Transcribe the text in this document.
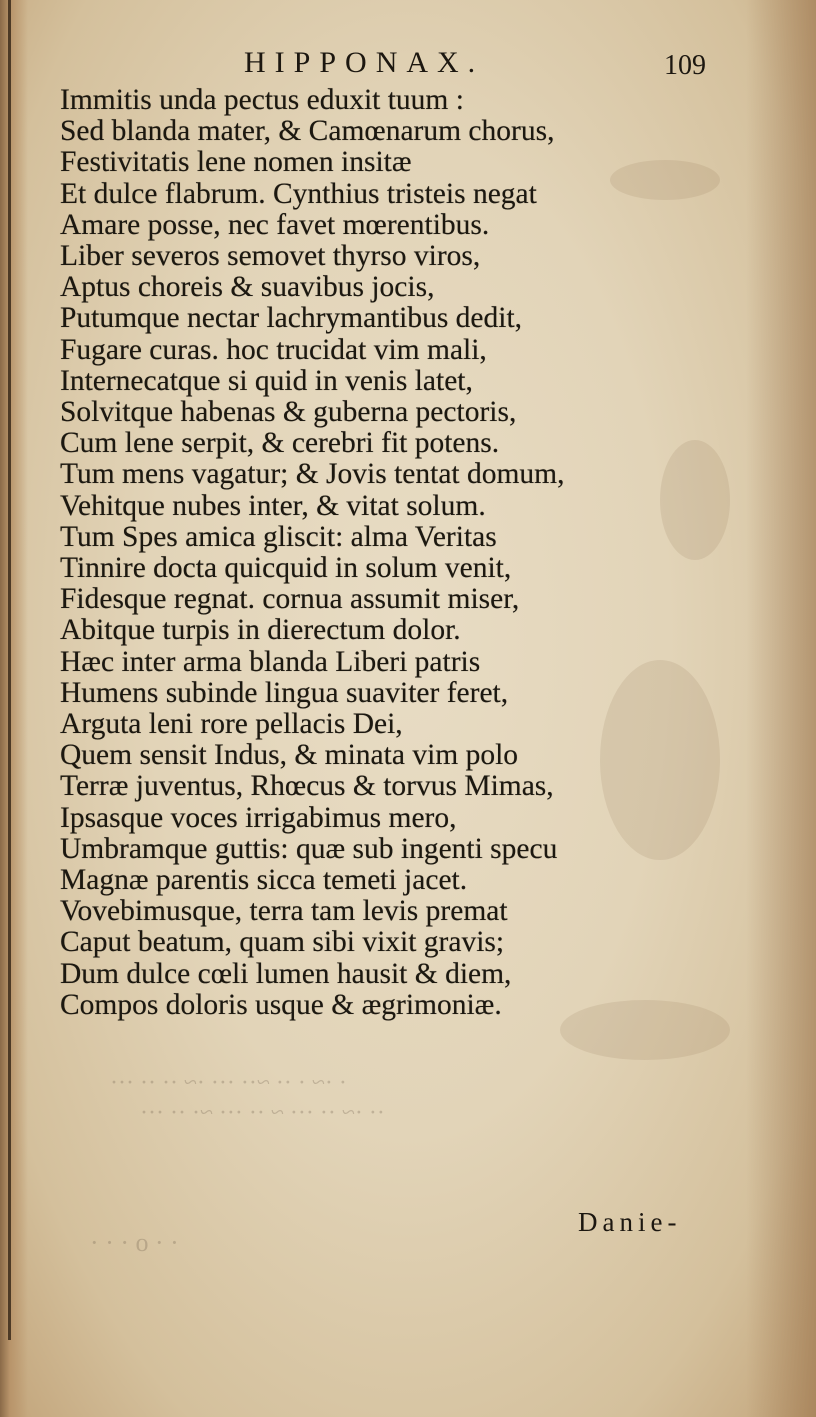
· ·~ · ·· ~·· ··· ·~ ·· ·· ···
·· ·~ ·· ··· ~ ·· ··· ~· ·· ···
· · o · · ·
HIPPONAX.	109
Immitis unda pectus eduxit tuum :
Sed blanda mater, & Camœnarum chorus,
Festivitatis lene nomen insitæ
Et dulce flabrum. Cynthius tristeis negat
Amare posse, nec favet mœrentibus.
Liber severos semovet thyrso viros,
Aptus choreis & suavibus jocis,
Putumque nectar lachrymantibus dedit,
Fugare curas. hoc trucidat vim mali,
Internecatque si quid in venis latet,
Solvitque habenas & guberna pectoris,
Cum lene serpit, & cerebri fit potens.
Tum mens vagatur; & Jovis tentat domum,
Vehitque nubes inter, & vitat solum.
Tum Spes amica gliscit: alma Veritas
Tinnire docta quicquid in solum venit,
Fidesque regnat. cornua assumit miser,
Abitque turpis in dierectum dolor.
Hæc inter arma blanda Liberi patris
Humens subinde lingua suaviter feret,
Arguta leni rore pellacis Dei,
Quem sensit Indus, & minata vim polo
Terræ juventus, Rhœcus & torvus Mimas,
Ipsasque voces irrigabimus mero,
Umbramque guttis: quæ sub ingenti specu
Magnæ parentis sicca temeti jacet.
Vovebimusque, terra tam levis premat
Caput beatum, quam sibi vixit gravis;
Dum dulce cœli lumen hausit & diem,
Compos doloris usque & ægrimoniæ.
Danie-
